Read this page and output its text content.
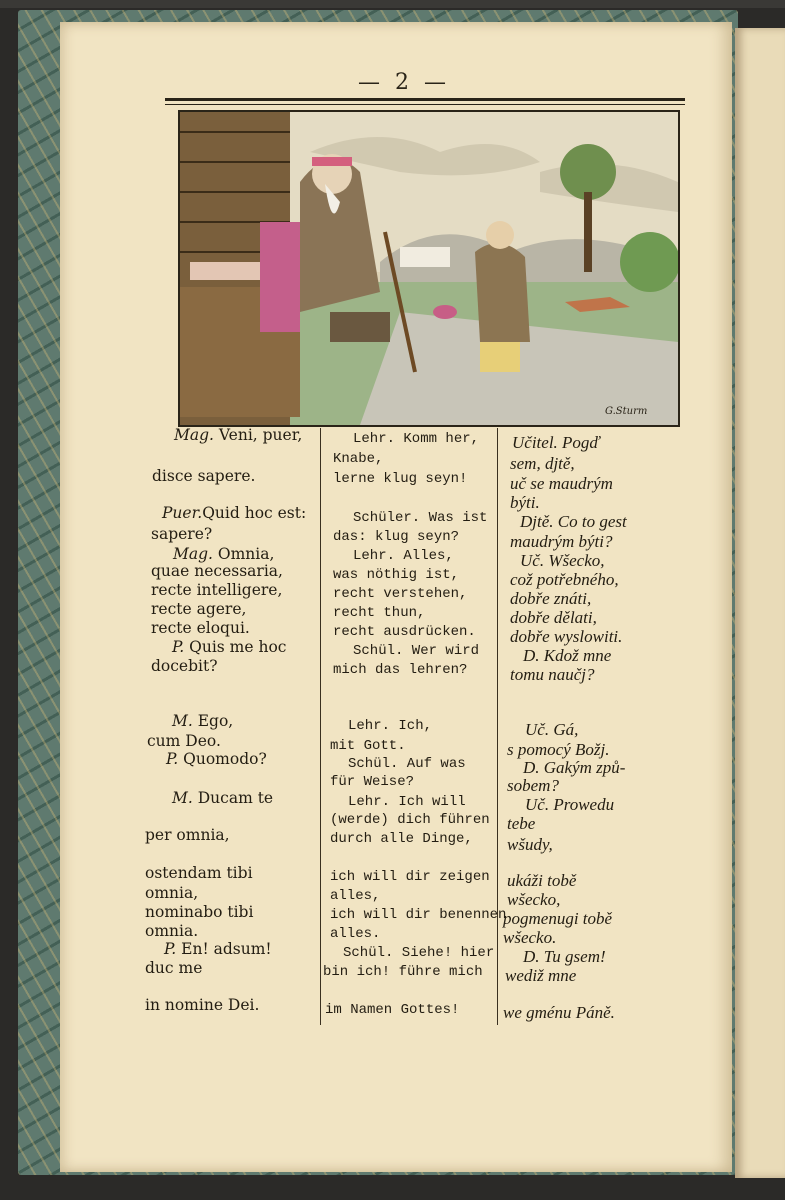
— 2 —
G.Sturm
Mag. Veni, puer,
disce sapere.
Puer.Quid hoc est:
sapere?
Mag. Omnia,
quae necessaria,
recte intelligere,
recte agere,
recte eloqui.
P. Quis me hoc
docebit?
M. Ego,
cum Deo.
P. Quomodo?
M. Ducam te
per omnia,
ostendam tibi
omnia,
nominabo tibi
omnia.
P. En! adsum!
duc me
in nomine Dei.
Lehr. Komm her,
Knabe,
lerne klug seyn!
Schüler. Was ist
das: klug seyn?
Lehr. Alles,
was nöthig ist,
recht verstehen,
recht thun,
recht ausdrücken.
Schül. Wer wird
mich das lehren?
Lehr. Ich,
mit Gott.
Schül. Auf was
für Weise?
Lehr. Ich will
(werde) dich führen
durch alle Dinge,
ich will dir zeigen
alles,
ich will dir benennen
alles.
Schül. Siehe! hier
bin ich! führe mich
im Namen Gottes!
Učitel. Pogď
sem, djtě,
uč se maudrým
býti.
Djtě. Co to gest
maudrým býti?
Uč. Wšecko,
což potřebného,
dobře znáti,
dobře dělati,
dobře wyslowiti.
D. Kdož mne
tomu naučj?
Uč. Gá,
s pomocý Božj.
D. Gakým způ-
sobem?
Uč. Prowedu
tebe
wšudy,
ukáži tobě
wšecko,
pogmenugi tobě
wšecko.
D. Tu gsem!
wediž mne
we gménu Páně.
